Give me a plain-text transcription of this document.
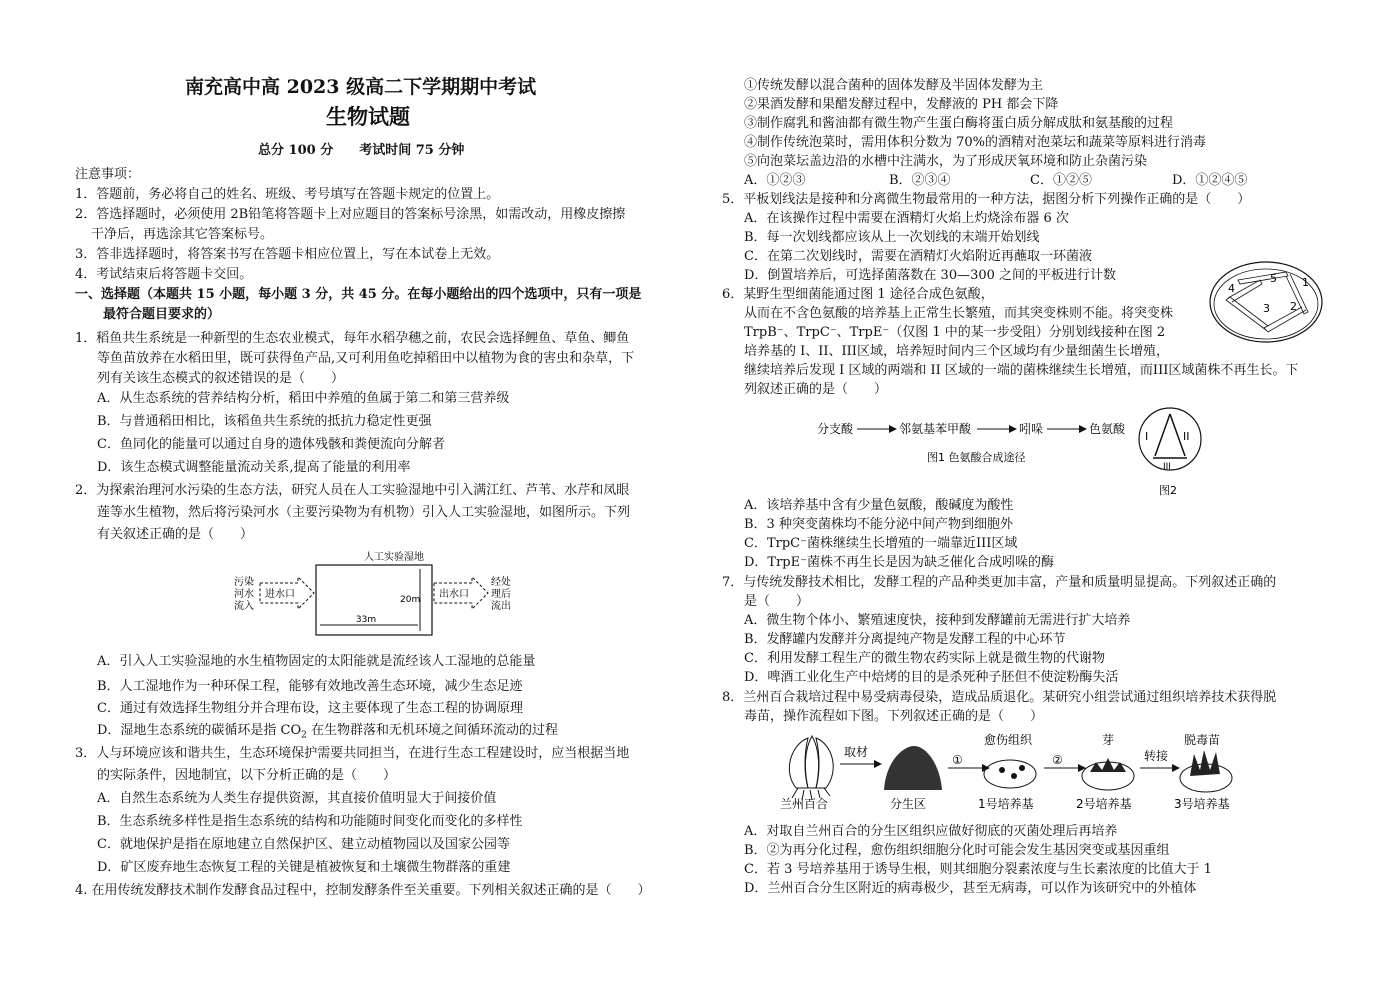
南充高中高 2023 级高二下学期期中考试
生物试题
总分 100 分　　考试时间 75 分钟
注意事项：
1．答题前，务必将自己的姓名、班级、考号填写在答题卡规定的位置上。
2．答选择题时，必须使用 2B铅笔将答题卡上对应题目的答案标号涂黑，如需改动，用橡皮擦擦
干净后，再选涂其它答案标号。
3．答非选择题时，将答案书写在答题卡相应位置上，写在本试卷上无效。
4．考试结束后将答题卡交回。
一、选择题（本题共 15 小题，每小题 3 分，共 45 分。在每小题给出的四个选项中，只有一项是
最符合题目要求的）
1．稻鱼共生系统是一种新型的生态农业模式，每年水稻孕穗之前，农民会选择鲤鱼、草鱼、鲫鱼
等鱼苗放养在水稻田里，既可获得鱼产品,又可利用鱼吃掉稻田中以植物为食的害虫和杂草，下
列有关该生态模式的叙述错误的是（　　）
A．从生态系统的营养结构分析，稻田中养殖的鱼属于第二和第三营养级
B．与普通稻田相比，该稻鱼共生系统的抵抗力稳定性更强
C．鱼同化的能量可以通过自身的遗体残骸和粪便流向分解者
D．该生态模式调整能量流动关系,提高了能量的利用率
2．为探索治理河水污染的生态方法，研究人员在人工实验湿地中引入满江红、芦苇、水芹和凤眼
莲等水生植物，然后将污染河水（主要污染物为有机物）引入人工实验湿地，如图所示。下列
有关叙述正确的是（　　）
人工实验湿地
污染
河水
流入
进水口	20m
33m
出水口
经处
理后
流出
A．引入人工实验湿地的水生植物固定的太阳能就是流经该人工湿地的总能量
B．人工湿地作为一种环保工程，能够有效地改善生态环境，减少生态足迹
C．通过有效选择生物组分并合理布设，这主要体现了生态工程的协调原理
D．湿地生态系统的碳循环是指 $CO_2$ 在生物群落和无机环境之间循环流动的过程
3．人与环境应该和谐共生，生态环境保护需要共同担当，在进行生态工程建设时，应当根据当地
的实际条件，因地制宜，以下分析正确的是（　　）
A．自然生态系统为人类生存提供资源，其直接价值明显大于间接价值
B．生态系统多样性是指生态系统的结构和功能随时间变化而变化的多样性
C．就地保护是指在原地建立自然保护区、建立动植物园以及国家公园等
D．矿区废弃地生态恢复工程的关键是植被恢复和土壤微生物群落的重建
4. 在用传统发酵技术制作发酵食品过程中，控制发酵条件至关重要。下列相关叙述正确的是（　　）
①传统发酵以混合菌种的固体发酵及半固体发酵为主
②果酒发酵和果醋发酵过程中，发酵液的 PH 都会下降
③制作腐乳和酱油都有微生物产生蛋白酶将蛋白质分解成肽和氨基酸的过程
④制作传统泡菜时，需用体积分数为 70%的酒精对泡菜坛和蔬菜等原料进行消毒
⑤向泡菜坛盖边沿的水槽中注满水，为了形成厌氧环境和防止杂菌污染
A．①②③	B．②③④	C．①②⑤	D．①②④⑤
5．平板划线法是接种和分离微生物最常用的一种方法，据图分析下列操作正确的是（　　）
A．在该操作过程中需要在酒精灯火焰上灼烧涂布器 6 次
B．每一次划线都应该从上一次划线的末端开始划线
C．在第二次划线时，需要在酒精灯火焰附近再蘸取一环菌液
D．倒置培养后，可选择菌落数在 30—300 之间的平板进行计数	5 1
4
3 2
6．某野生型细菌能通过图 1 途径合成色氨酸，
从而在不含色氨酸的培养基上正常生长繁殖，而其突变株则不能。将突变株
TrpB⁻、TrpC⁻、TrpE⁻（仅图 1 中的某一步受阻）分别划线接种在图 2
培养基的 I、II、III区域，培养短时间内三个区域均有少量细菌生长增殖，
继续培养后发现 I 区域的两端和 II 区域的一端的菌株继续生长增殖，而III区域菌株不再生长。下
列叙述正确的是（　　）
分支酸	邻氨基苯甲酸	吲哚	色氨酸
图1 色氨酸合成途径
I	II
III
图2
A．该培养基中含有少量色氨酸，酸碱度为酸性
B．3 种突变菌株均不能分泌中间产物到细胞外
C．TrpC⁻菌株继续生长增殖的一端靠近III区域
D．TrpE⁻菌株不再生长是因为缺乏催化合成吲哚的酶
7．与传统发酵技术相比，发酵工程的产品种类更加丰富，产量和质量明显提高。下列叙述正确的
是（　　）
A．微生物个体小、繁殖速度快，接种到发酵罐前无需进行扩大培养
B．发酵罐内发酵并分离提纯产物是发酵工程的中心环节
C．利用发酵工程生产的微生物农药实际上就是微生物的代谢物
D．啤酒工业化生产中焙烤的目的是杀死种子胚但不使淀粉酶失活
8．兰州百合栽培过程中易受病毒侵染，造成品质退化。某研究小组尝试通过组织培养技术获得脱
毒苗，操作流程如下图。下列叙述正确的是（　　）
兰州百合
取材
分生区
①
愈伤组织
1号培养基
②
芽
2号培养基
转接
脱毒苗
3号培养基
A．对取自兰州百合的分生区组织应做好彻底的灭菌处理后再培养
B．②为再分化过程，愈伤组织细胞分化时可能会发生基因突变或基因重组
C．若 3 号培养基用于诱导生根，则其细胞分裂素浓度与生长素浓度的比值大于 1
D．兰州百合分生区附近的病毒极少，甚至无病毒，可以作为该研究中的外植体
